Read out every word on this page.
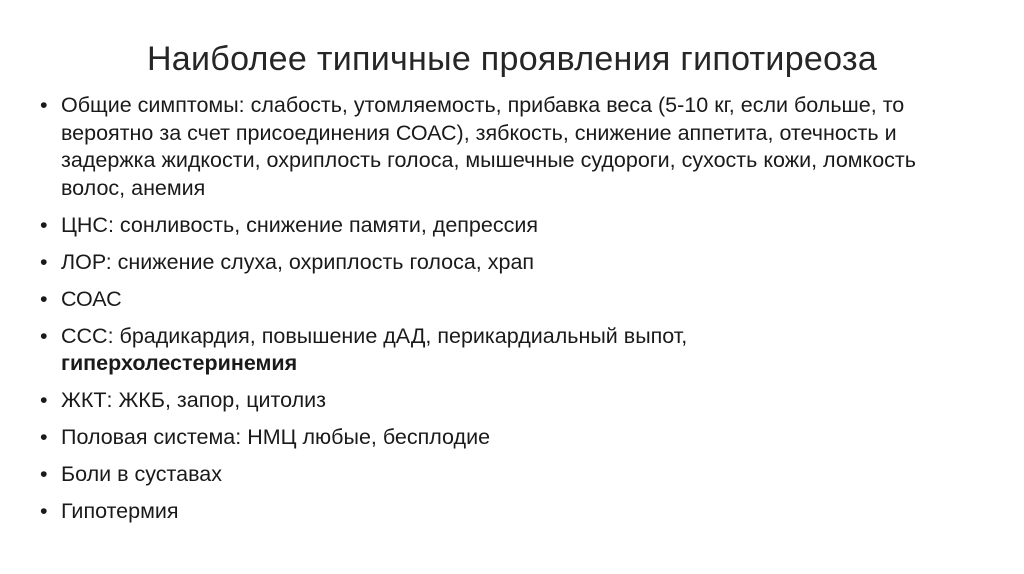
Наиболее типичные проявления гипотиреоза
• Общие симптомы: слабость, утомляемость, прибавка веса (5-10 кг, если больше, то вероятно за счет присоединения СОАС), зябкость, снижение аппетита, отечность и задержка жидкости, охриплость голоса, мышечные судороги, сухость кожи, ломкость волос, анемия
• ЦНС: сонливость, снижение памяти, депрессия
• ЛОР: снижение слуха, охриплость голоса, храп
• СОАС
• ССС: брадикардия, повышение дАД, перикардиальный выпот,
гиперхолестеринемия
• ЖКТ: ЖКБ, запор, цитолиз
• Половая система: НМЦ любые, бесплодие
• Боли в суставах
• Гипотермия
